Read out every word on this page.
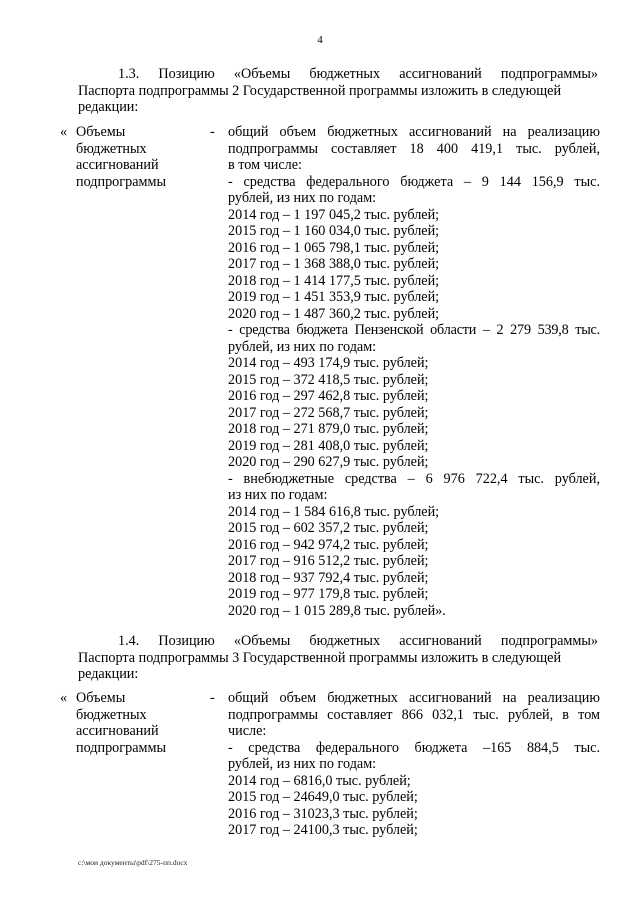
4
1.3. Позицию «Объемы бюджетных ассигнований подпрограммы»
Паспорта подпрограммы 2 Государственной программы изложить в следующей
редакции:
« Объемы
бюджетных
ассигнований
подпрограммы
- общий объем бюджетных ассигнований на реализацию
подпрограммы составляет 18 400 419,1 тыс. рублей,
в том числе:
- средства федерального бюджета – 9 144 156,9 тыс.
рублей, из них по годам:
2014 год – 1 197 045,2 тыс. рублей;
2015 год – 1 160 034,0 тыс. рублей;
2016 год – 1 065 798,1 тыс. рублей;
2017 год – 1 368 388,0 тыс. рублей;
2018 год – 1 414 177,5 тыс. рублей;
2019 год – 1 451 353,9 тыс. рублей;
2020 год – 1 487 360,2 тыс. рублей;
- средства бюджета Пензенской области – 2 279 539,8 тыс.
рублей, из них по годам:
2014 год – 493 174,9 тыс. рублей;
2015 год – 372 418,5 тыс. рублей;
2016 год – 297 462,8 тыс. рублей;
2017 год – 272 568,7 тыс. рублей;
2018 год – 271 879,0 тыс. рублей;
2019 год – 281 408,0 тыс. рублей;
2020 год – 290 627,9 тыс. рублей;
- внебюджетные средства – 6 976 722,4 тыс. рублей,
из них по годам:
2014 год – 1 584 616,8 тыс. рублей;
2015 год – 602 357,2 тыс. рублей;
2016 год – 942 974,2 тыс. рублей;
2017 год – 916 512,2 тыс. рублей;
2018 год – 937 792,4 тыс. рублей;
2019 год – 977 179,8 тыс. рублей;
2020 год – 1 015 289,8 тыс. рублей».
1.4. Позицию «Объемы бюджетных ассигнований подпрограммы»
Паспорта подпрограммы 3 Государственной программы изложить в следующей
редакции:
« Объемы
бюджетных
ассигнований
подпрограммы
- общий объем бюджетных ассигнований на реализацию
подпрограммы составляет 866 032,1 тыс. рублей, в том
числе:
- средства федерального бюджета –165 884,5 тыс.
рублей, из них по годам:
2014 год – 6816,0 тыс. рублей;
2015 год – 24649,0 тыс. рублей;
2016 год – 31023,3 тыс. рублей;
2017 год – 24100,3 тыс. рублей;
c:\мои документы\pdf\275-пп.docx
